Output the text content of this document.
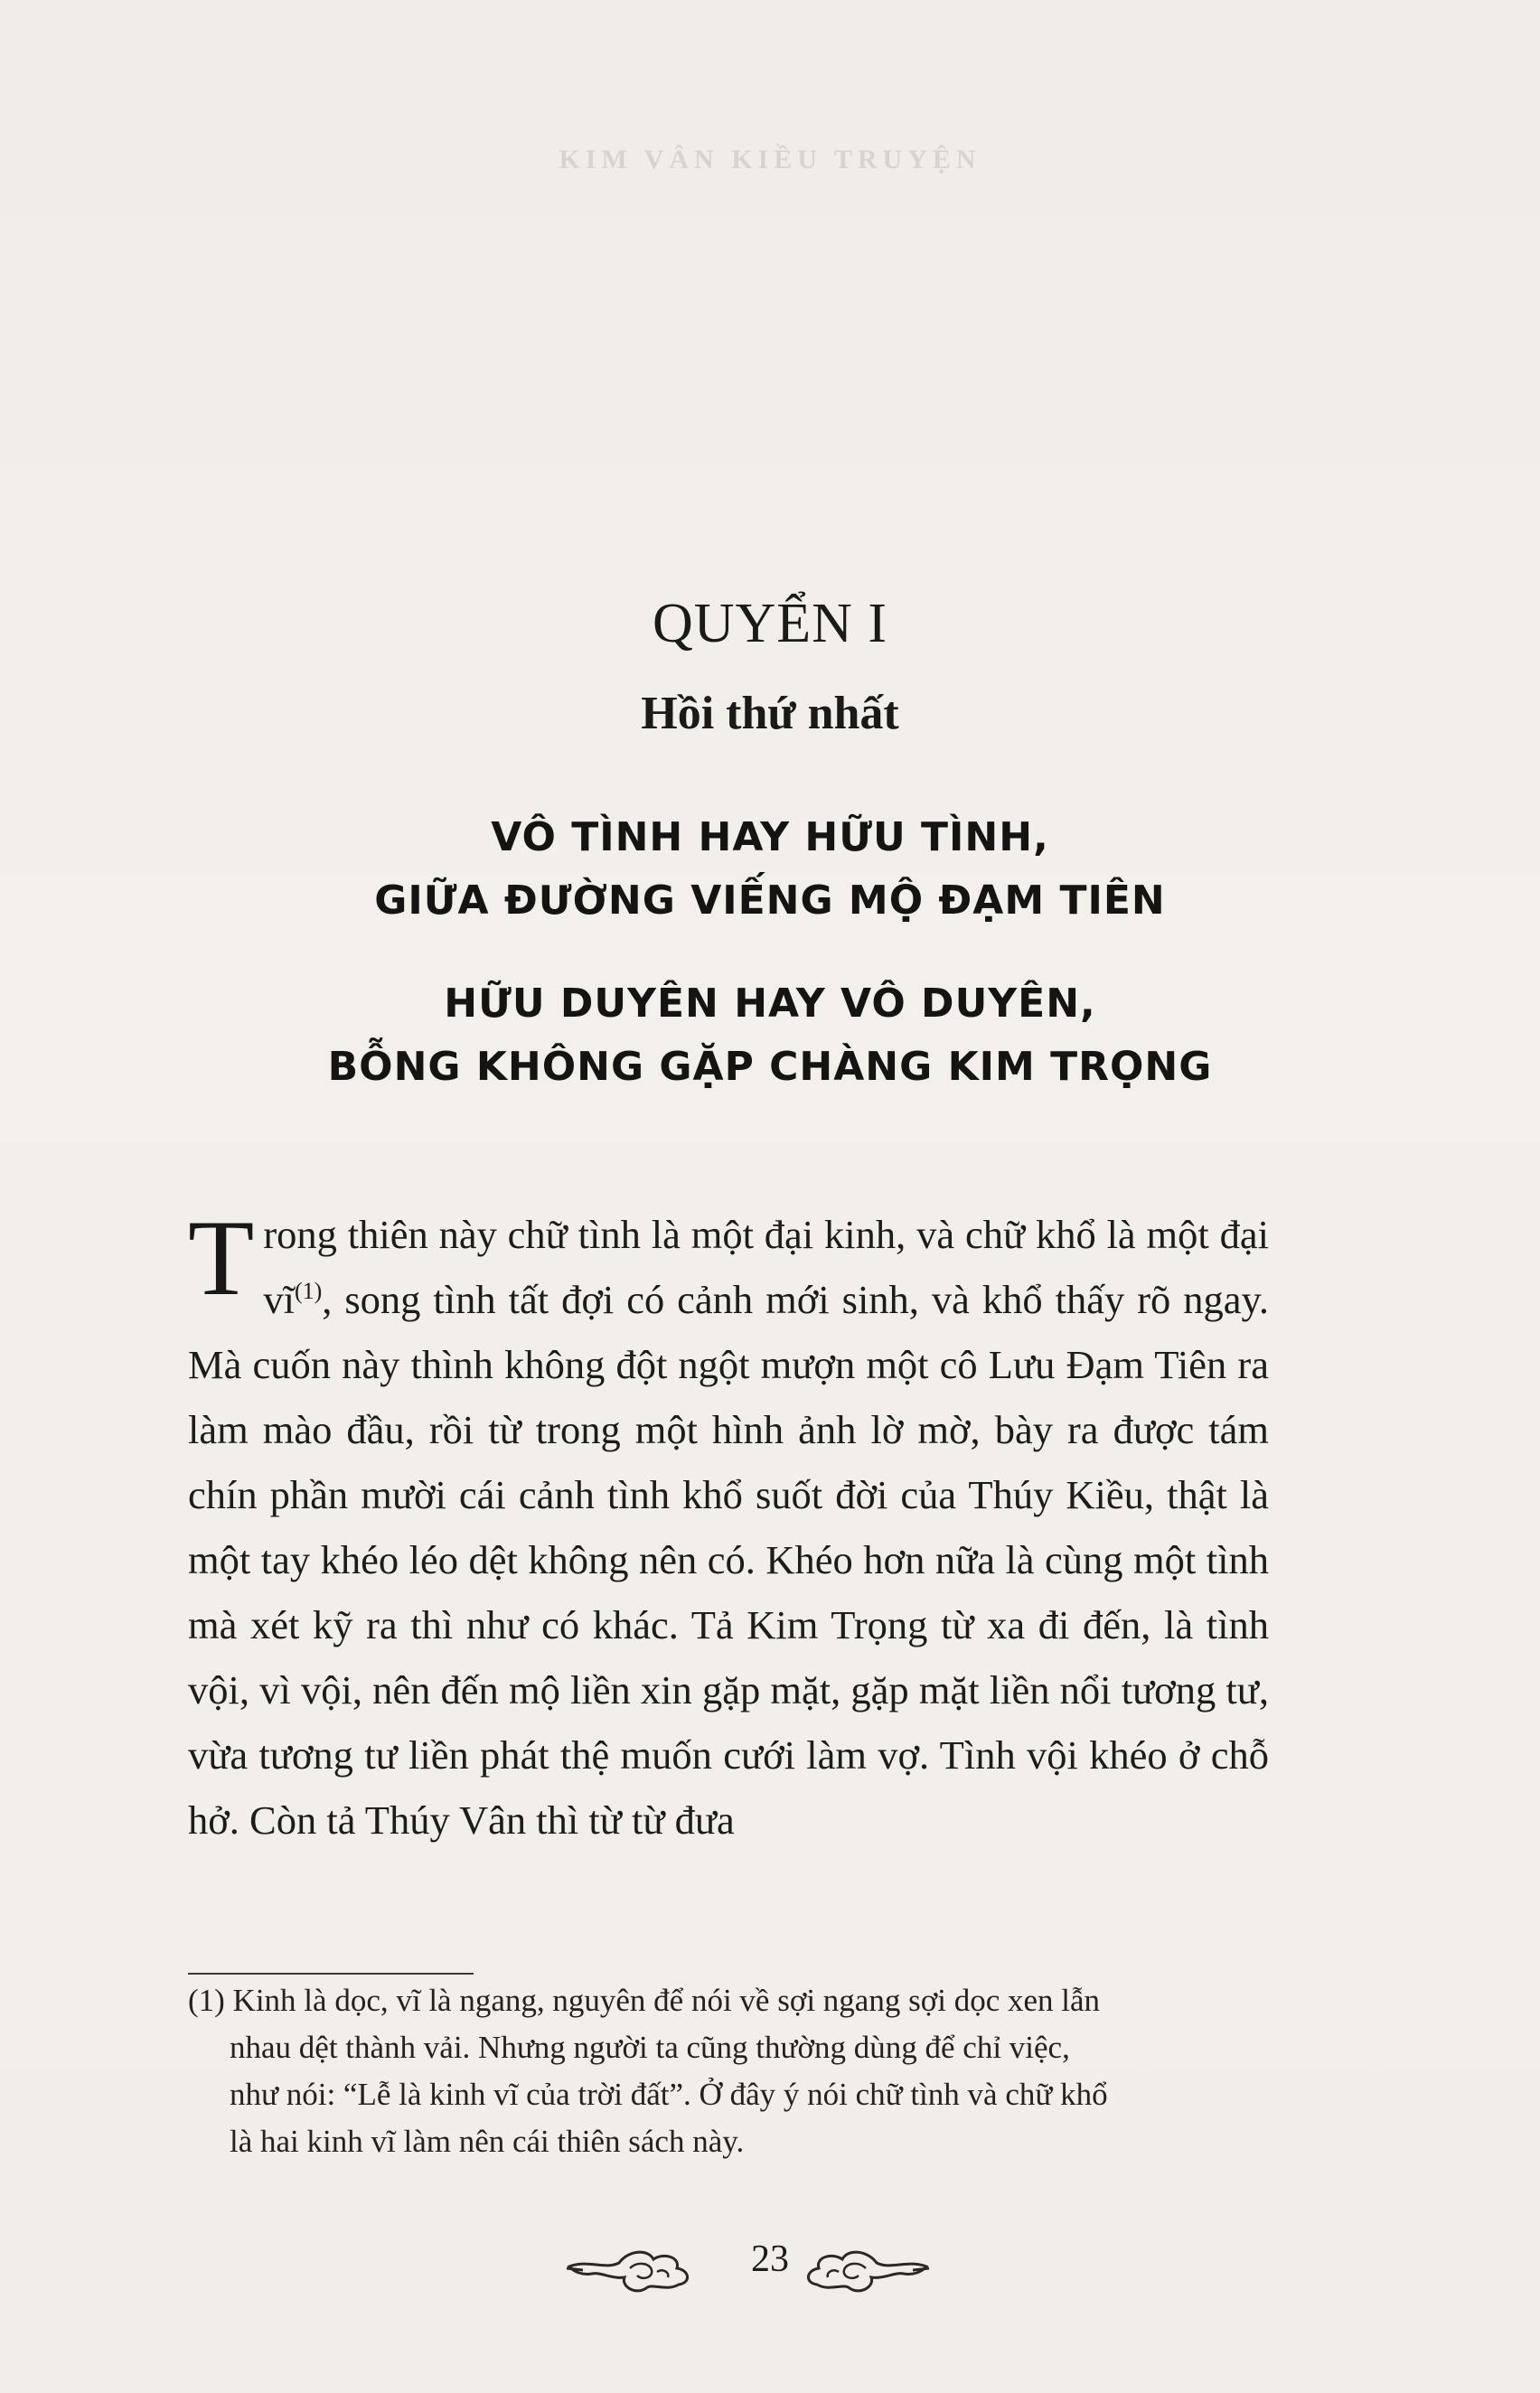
KIM VÂN KIỀU TRUYỆN
QUYỂN I
Hồi thứ nhất
VÔ TÌNH HAY HỮU TÌNH,
GIỮA ĐƯỜNG VIẾNG MỘ ĐẠM TIÊN
HỮU DUYÊN HAY VÔ DUYÊN,
BỖNG KHÔNG GẶP CHÀNG KIM TRỌNG
Trong thiên này chữ tình là một đại kinh, và chữ khổ là một đại $vĩ^{(1)}$, song tình tất đợi có cảnh mới sinh, và khổ thấy rõ ngay. Mà cuốn này thình không đột ngột mượn một cô Lưu Đạm Tiên ra làm mào đầu, rồi từ trong một hình ảnh lờ mờ, bày ra được tám chín phần mười cái cảnh tình khổ suốt đời của Thúy Kiều, thật là một tay khéo léo dệt không nên có. Khéo hơn nữa là cùng một tình mà xét kỹ ra thì như có khác. Tả Kim Trọng từ xa đi đến, là tình vội, vì vội, nên đến mộ liền xin gặp mặt, gặp mặt liền nổi tương tư, vừa tương tư liền phát thệ muốn cưới làm vợ. Tình vội khéo ở chỗ hở. Còn tả Thúy Vân thì từ từ đưa
(1) Kinh là dọc, vĩ là ngang, nguyên để nói về sợi ngang sợi dọc xen lẫn
nhau dệt thành vải. Nhưng người ta cũng thường dùng để chỉ việc,
như nói: “Lễ là kinh vĩ của trời đất”. Ở đây ý nói chữ tình và chữ khổ
là hai kinh vĩ làm nên cái thiên sách này.
23
